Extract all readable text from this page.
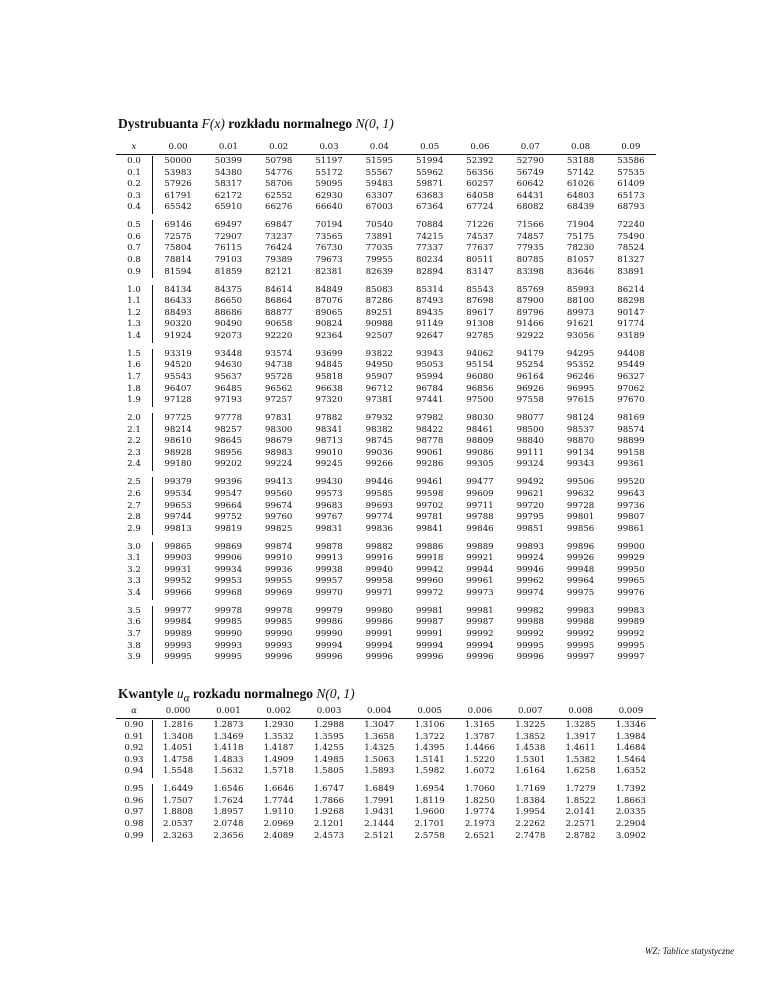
Dystrubuanta F(x) rozkładu normalnego N(0, 1)
x	0.00	0.01	0.02	0.03	0.04	0.05	0.06	0.07	0.08	0.09
0.0	50000	50399	50798	51197	51595	51994	52392	52790	53188	53586
0.1	53983	54380	54776	55172	55567	55962	56356	56749	57142	57535
0.2	57926	58317	58706	59095	59483	59871	60257	60642	61026	61409
0.3	61791	62172	62552	62930	63307	63683	64058	64431	64803	65173
0.4	65542	65910	66276	66640	67003	67364	67724	68082	68439	68793
0.5	69146	69497	69847	70194	70540	70884	71226	71566	71904	72240
0.6	72575	72907	73237	73565	73891	74215	74537	74857	75175	75490
0.7	75804	76115	76424	76730	77035	77337	77637	77935	78230	78524
0.8	78814	79103	79389	79673	79955	80234	80511	80785	81057	81327
0.9	81594	81859	82121	82381	82639	82894	83147	83398	83646	83891
1.0	84134	84375	84614	84849	85083	85314	85543	85769	85993	86214
1.1	86433	86650	86864	87076	87286	87493	87698	87900	88100	88298
1.2	88493	88686	88877	89065	89251	89435	89617	89796	89973	90147
1.3	90320	90490	90658	90824	90988	91149	91308	91466	91621	91774
1.4	91924	92073	92220	92364	92507	92647	92785	92922	93056	93189
1.5	93319	93448	93574	93699	93822	93943	94062	94179	94295	94408
1.6	94520	94630	94738	94845	94950	95053	95154	95254	95352	95449
1.7	95543	95637	95728	95818	95907	95994	96080	96164	96246	96327
1.8	96407	96485	96562	96638	96712	96784	96856	96926	96995	97062
1.9	97128	97193	97257	97320	97381	97441	97500	97558	97615	97670
2.0	97725	97778	97831	97882	97932	97982	98030	98077	98124	98169
2.1	98214	98257	98300	98341	98382	98422	98461	98500	98537	98574
2.2	98610	98645	98679	98713	98745	98778	98809	98840	98870	98899
2.3	98928	98956	98983	99010	99036	99061	99086	99111	99134	99158
2.4	99180	99202	99224	99245	99266	99286	99305	99324	99343	99361
2.5	99379	99396	99413	99430	99446	99461	99477	99492	99506	99520
2.6	99534	99547	99560	99573	99585	99598	99609	99621	99632	99643
2.7	99653	99664	99674	99683	99693	99702	99711	99720	99728	99736
2.8	99744	99752	99760	99767	99774	99781	99788	99795	99801	99807
2.9	99813	99819	99825	99831	99836	99841	99846	99851	99856	99861
3.0	99865	99869	99874	99878	99882	99886	99889	99893	99896	99900
3.1	99903	99906	99910	99913	99916	99918	99921	99924	99926	99929
3.2	99931	99934	99936	99938	99940	99942	99944	99946	99948	99950
3.3	99952	99953	99955	99957	99958	99960	99961	99962	99964	99965
3.4	99966	99968	99969	99970	99971	99972	99973	99974	99975	99976
3.5	99977	99978	99978	99979	99980	99981	99981	99982	99983	99983
3.6	99984	99985	99985	99986	99986	99987	99987	99988	99988	99989
3.7	99989	99990	99990	99990	99991	99991	99992	99992	99992	99992
3.8	99993	99993	99993	99994	99994	99994	99994	99995	99995	99995
3.9	99995	99995	99996	99996	99996	99996	99996	99996	99997	99997
Kwantyle $u_\alpha$ rozkadu normalnego N(0, 1)
α	0.000	0.001	0.002	0.003	0.004	0.005	0.006	0.007	0.008	0.009
0.90	1.2816	1.2873	1.2930	1.2988	1.3047	1.3106	1.3165	1.3225	1.3285	1.3346
0.91	1.3408	1.3469	1.3532	1.3595	1.3658	1.3722	1.3787	1.3852	1.3917	1.3984
0.92	1.4051	1.4118	1.4187	1.4255	1.4325	1.4395	1.4466	1.4538	1.4611	1.4684
0.93	1.4758	1.4833	1.4909	1.4985	1.5063	1.5141	1.5220	1.5301	1.5382	1.5464
0.94	1.5548	1.5632	1.5718	1.5805	1.5893	1.5982	1.6072	1.6164	1.6258	1.6352
0.95	1.6449	1.6546	1.6646	1.6747	1.6849	1.6954	1.7060	1.7169	1.7279	1.7392
0.96	1.7507	1.7624	1.7744	1.7866	1.7991	1.8119	1.8250	1.8384	1.8522	1.8663
0.97	1.8808	1.8957	1.9110	1.9268	1.9431	1.9600	1.9774	1.9954	2.0141	2.0335
0.98	2.0537	2.0748	2.0969	2.1201	2.1444	2.1701	2.1973	2.2262	2.2571	2.2904
0.99	2.3263	2.3656	2.4089	2.4573	2.5121	2.5758	2.6521	2.7478	2.8782	3.0902
WZ: Tablice statystyczne
